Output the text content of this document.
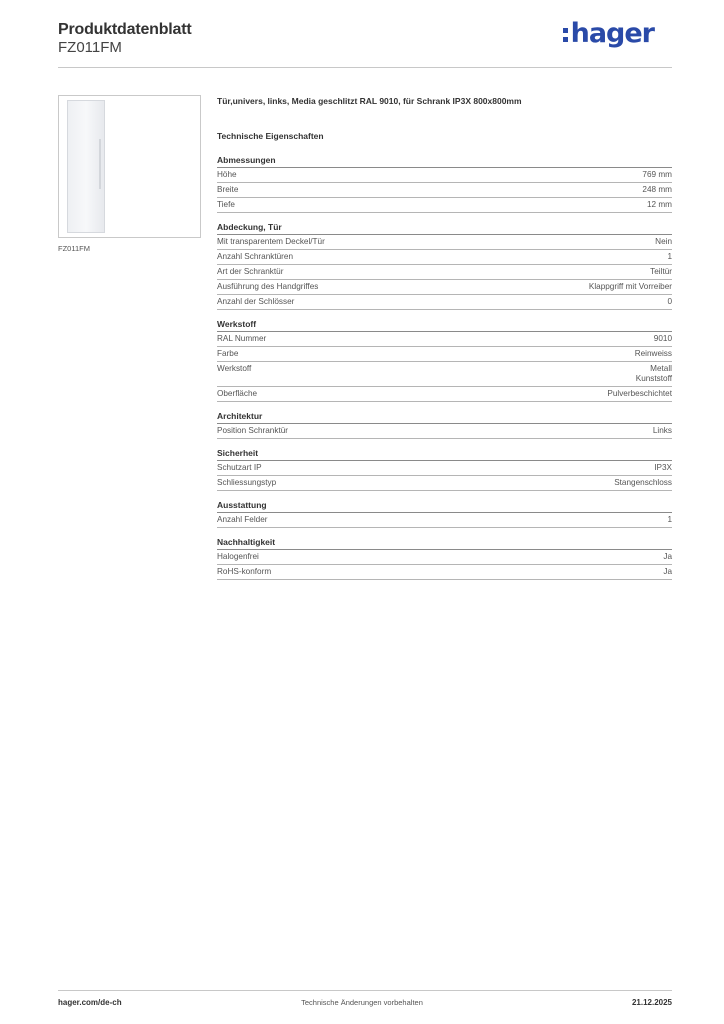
Produktdatenblatt
FZ011FM	hager
FZ011FM
Tür,univers, links, Media geschlitzt RAL 9010, für Schrank IP3X 800x800mm
Technische Eigenschaften
Abmessungen
Höhe	769 mm
Breite	248 mm
Tiefe	12 mm
Abdeckung, Tür
Mit transparentem Deckel/Tür	Nein
Anzahl Schranktüren	1
Art der Schranktür	Teiltür
Ausführung des Handgriffes	Klappgriff mit Vorreiber
Anzahl der Schlösser	0
Werkstoff
RAL Nummer	9010
Farbe	Reinweiss
Werkstoff	Metall
Kunststoff
Oberfläche	Pulverbeschichtet
Architektur
Position Schranktür	Links
Sicherheit
Schutzart IP	IP3X
Schliessungstyp	Stangenschloss
Ausstattung
Anzahl Felder	1
Nachhaltigkeit
Halogenfrei	Ja
RoHS-konform	Ja
hager.com/de-ch	Technische Änderungen vorbehalten	21.12.2025
